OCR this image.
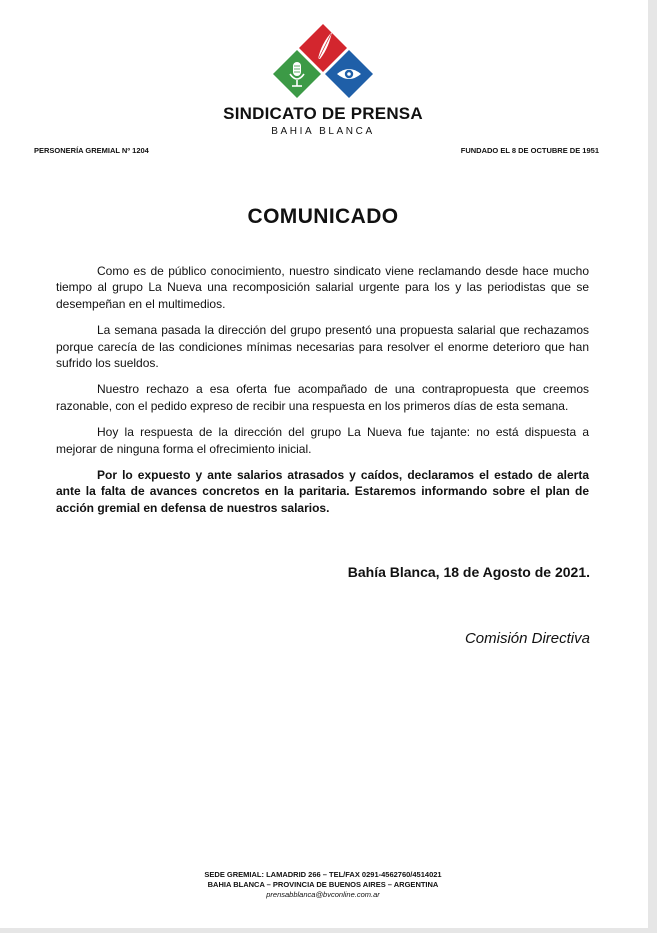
SINDICATO DE PRENSA
BAHIA BLANCA
PERSONERÍA GREMIAL Nº 1204	FUNDADO EL 8 DE OCTUBRE DE 1951
COMUNICADO

Como es de público conocimiento, nuestro sindicato viene reclamando desde hace mucho tiempo al grupo La Nueva una recomposición salarial urgente para los y las periodistas que se desempeñan en el multimedios.

La semana pasada la dirección del grupo presentó una propuesta salarial que rechazamos porque carecía de las condiciones mínimas necesarias para resolver el enorme deterioro que han sufrido los sueldos.

Nuestro rechazo a esa oferta fue acompañado de una contrapropuesta que creemos razonable, con el pedido expreso de recibir una respuesta en los primeros días de esta semana.

Hoy la respuesta de la dirección del grupo La Nueva fue tajante: no está dispuesta a mejorar de ninguna forma el ofrecimiento inicial.

Por lo expuesto y ante salarios atrasados y caídos, declaramos el estado de alerta ante la falta de avances concretos en la paritaria. Estaremos informando sobre el plan de acción gremial en defensa de nuestros salarios.

Bahía Blanca, 18 de Agosto de 2021.
Comisión Directiva
SEDE GREMIAL: LAMADRID 266 – TEL/FAX 0291-4562760/4514021
BAHIA BLANCA – PROVINCIA DE BUENOS AIRES – ARGENTINA
prensabblanca@bvconline.com.ar
